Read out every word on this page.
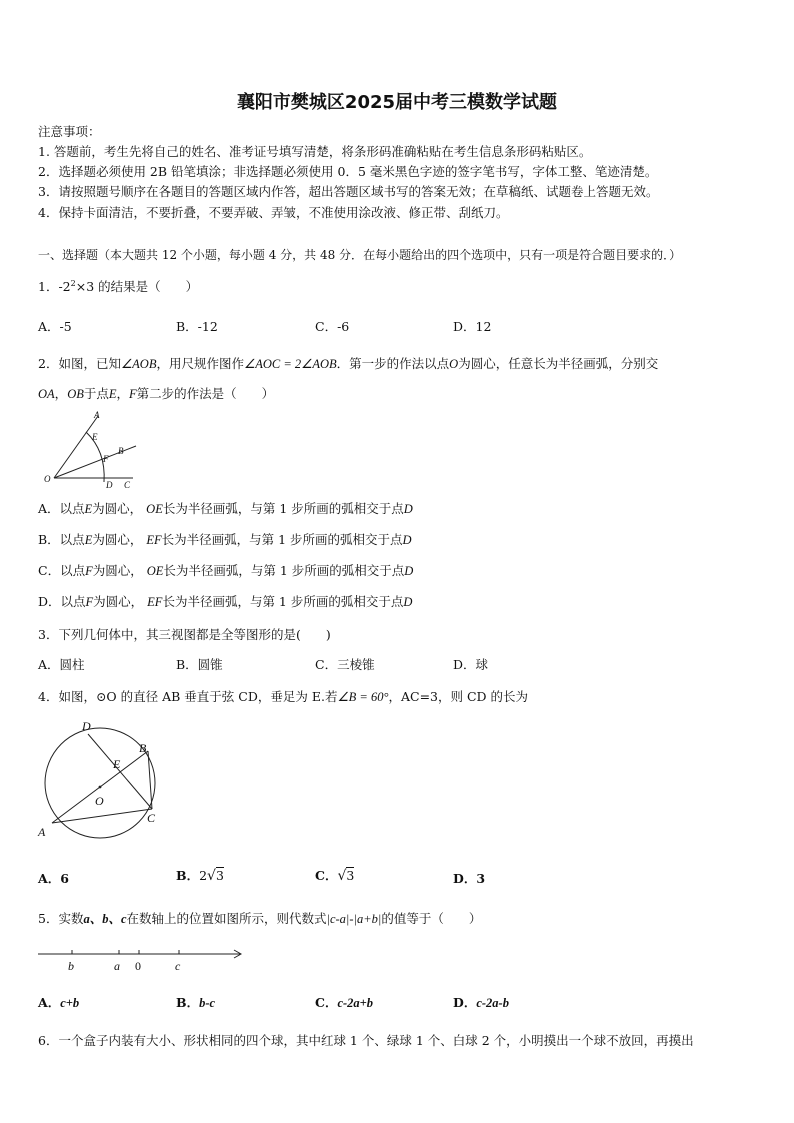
襄阳市樊城区2025届中考三模数学试题
注意事项：
1. 答题前，考生先将自己的姓名、准考证号填写清楚，将条形码准确粘贴在考生信息条形码粘贴区。
2．选择题必须使用 2B 铅笔填涂；非选择题必须使用 0．5 毫米黑色字迹的签字笔书写，字体工整、笔迹清楚。
3．请按照题号顺序在各题目的答题区域内作答，超出答题区域书写的答案无效；在草稿纸、试题卷上答题无效。
4．保持卡面清洁，不要折叠，不要弄破、弄皱，不准使用涂改液、修正带、刮纸刀。
一、选择题（本大题共 12 个小题，每小题 4 分，共 48 分．在每小题给出的四个选项中，只有一项是符合题目要求的．）
1．$-2^2\times 3$ 的结果是（　　）
A．-5	B．-12	C．-6	D．12
2．如图，已知∠AOB，用尺规作图作∠AOC = 2∠AOB．第一步的作法以点O为圆心，任意长为半径画弧，分别交
OA，OB于点E，F第二步的作法是（　　）
A
E
B
F
O
D C
A．以点E为圆心， OE长为半径画弧，与第 1 步所画的弧相交于点D
B．以点E为圆心， EF长为半径画弧，与第 1 步所画的弧相交于点D
C．以点F为圆心， OE长为半径画弧，与第 1 步所画的弧相交于点D
D．以点F为圆心， EF长为半径画弧，与第 1 步所画的弧相交于点D
3．下列几何体中，其三视图都是全等图形的是(　　)
A．圆柱	B．圆锥	C．三棱锥	D．球
4．如图，⊙O 的直径 AB 垂直于弦 CD，垂足为 E.若∠B = 60°，AC=3，则 CD 的长为
D
B
E
O
A
C
A．6	B．2√3	C．√3	D．3
5．实数a、b、c在数轴上的位置如图所示，则代数式|c-a|-|a+b|的值等于（　　）
b	a 0	c
A．c+b	B．b-c	C．c-2a+b	D．c-2a-b
6．一个盒子内装有大小、形状相同的四个球，其中红球 1 个、绿球 1 个、白球 2 个，小明摸出一个球不放回，再摸出
